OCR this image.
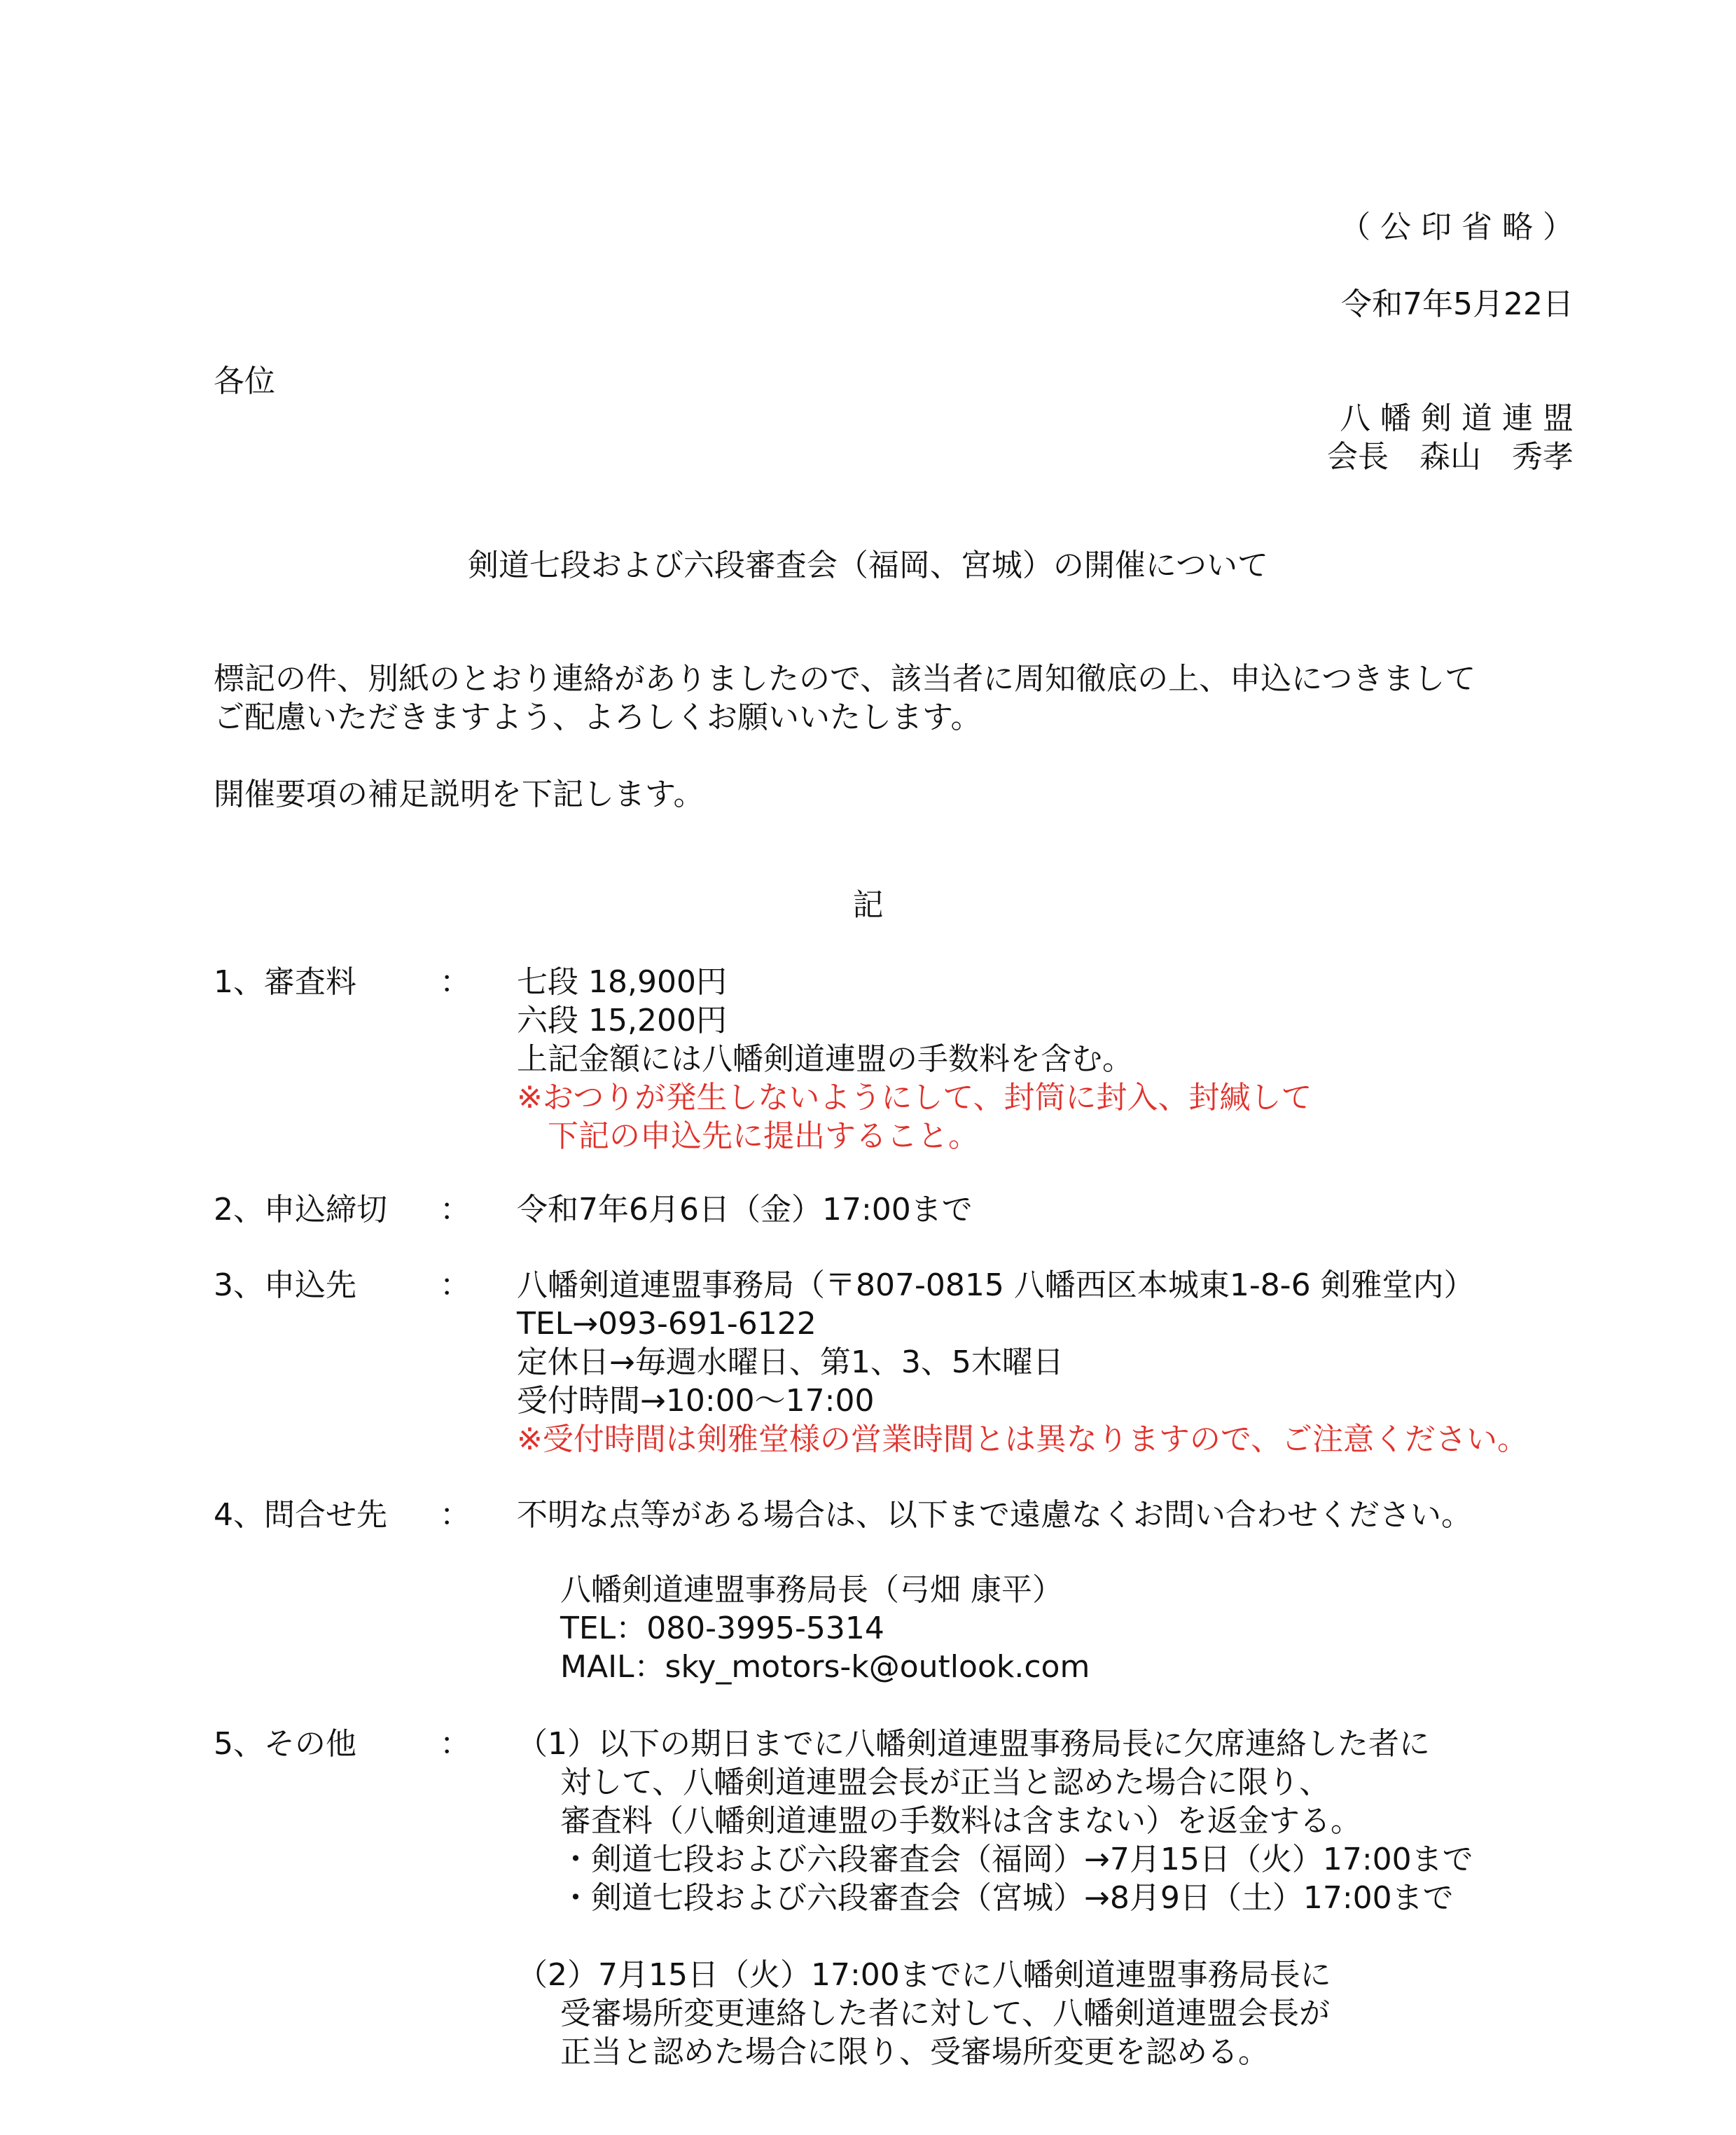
（ 公 印 省 略 ）
令和7年5月22日
各位
八 幡 剣 道 連 盟
会長　森山　秀孝
剣道七段および六段審査会（福岡、宮城）の開催について
標記の件、別紙のとおり連絡がありましたので、該当者に周知徹底の上、申込につきまして
ご配慮いただきますよう、よろしくお願いいたします。
開催要項の補足説明を下記します。
記
1、審査料	： 七段 18,900円
六段 15,200円
上記金額には八幡剣道連盟の手数料を含む。
※おつりが発生しないようにして、封筒に封入、封緘して
　下記の申込先に提出すること。
2、申込締切 ： 令和7年6月6日（金）17:00まで
3、申込先	： 八幡剣道連盟事務局（〒807-0815 八幡西区本城東1-8-6 剣雅堂内）
TEL→093-691-6122
定休日→毎週水曜日、第1、3、5木曜日
受付時間→10:00～17:00
※受付時間は剣雅堂様の営業時間とは異なりますので、ご注意ください。
4、問合せ先 ： 不明な点等がある場合は、以下まで遠慮なくお問い合わせください。
八幡剣道連盟事務局長（弓畑 康平）
TEL：080-3995-5314
MAIL：sky_motors-k@outlook.com
5、その他	： （1）以下の期日までに八幡剣道連盟事務局長に欠席連絡した者に
対して、八幡剣道連盟会長が正当と認めた場合に限り、
審査料（八幡剣道連盟の手数料は含まない）を返金する。
・剣道七段および六段審査会（福岡）→7月15日（火）17:00まで
・剣道七段および六段審査会（宮城）→8月9日（土）17:00まで
（2）7月15日（火）17:00までに八幡剣道連盟事務局長に
受審場所変更連絡した者に対して、八幡剣道連盟会長が
正当と認めた場合に限り、受審場所変更を認める。
